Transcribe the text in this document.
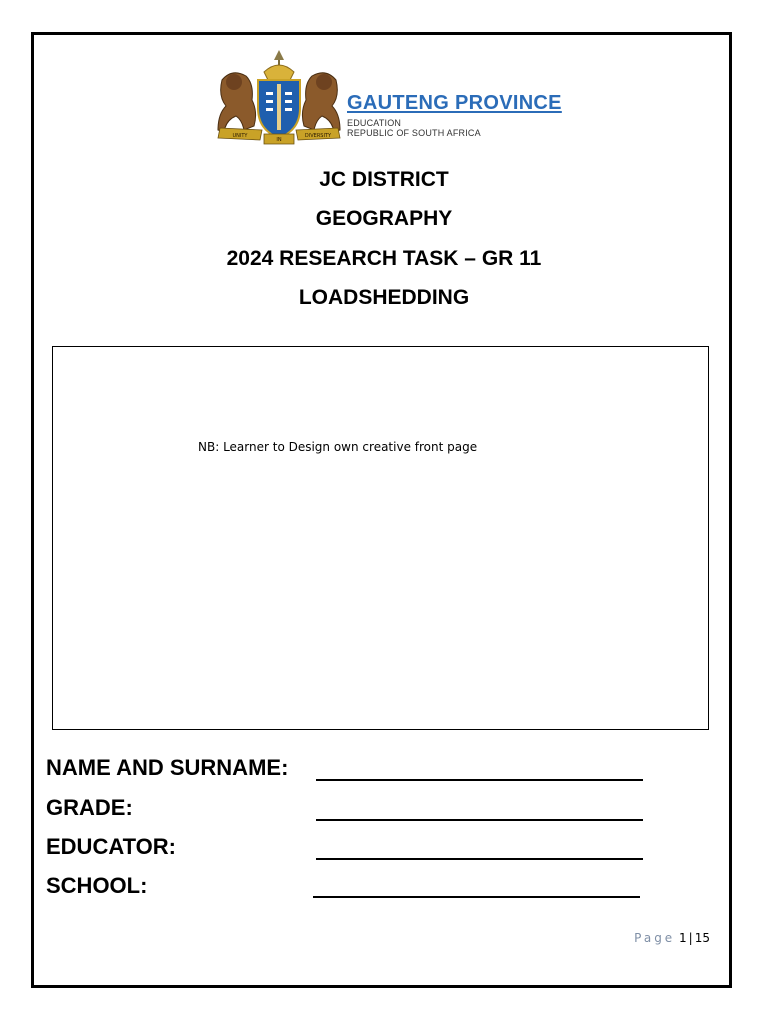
UNITY
IN
DIVERSITY
GAUTENG PROVINCE
EDUCATION
REPUBLIC OF SOUTH AFRICA
JC DISTRICT
GEOGRAPHY
2024 RESEARCH TASK – GR 11
LOADSHEDDING
NB: Learner to Design own creative front page
NAME AND SURNAME:
GRADE:
EDUCATOR:
SCHOOL:
Page 1 | 15
